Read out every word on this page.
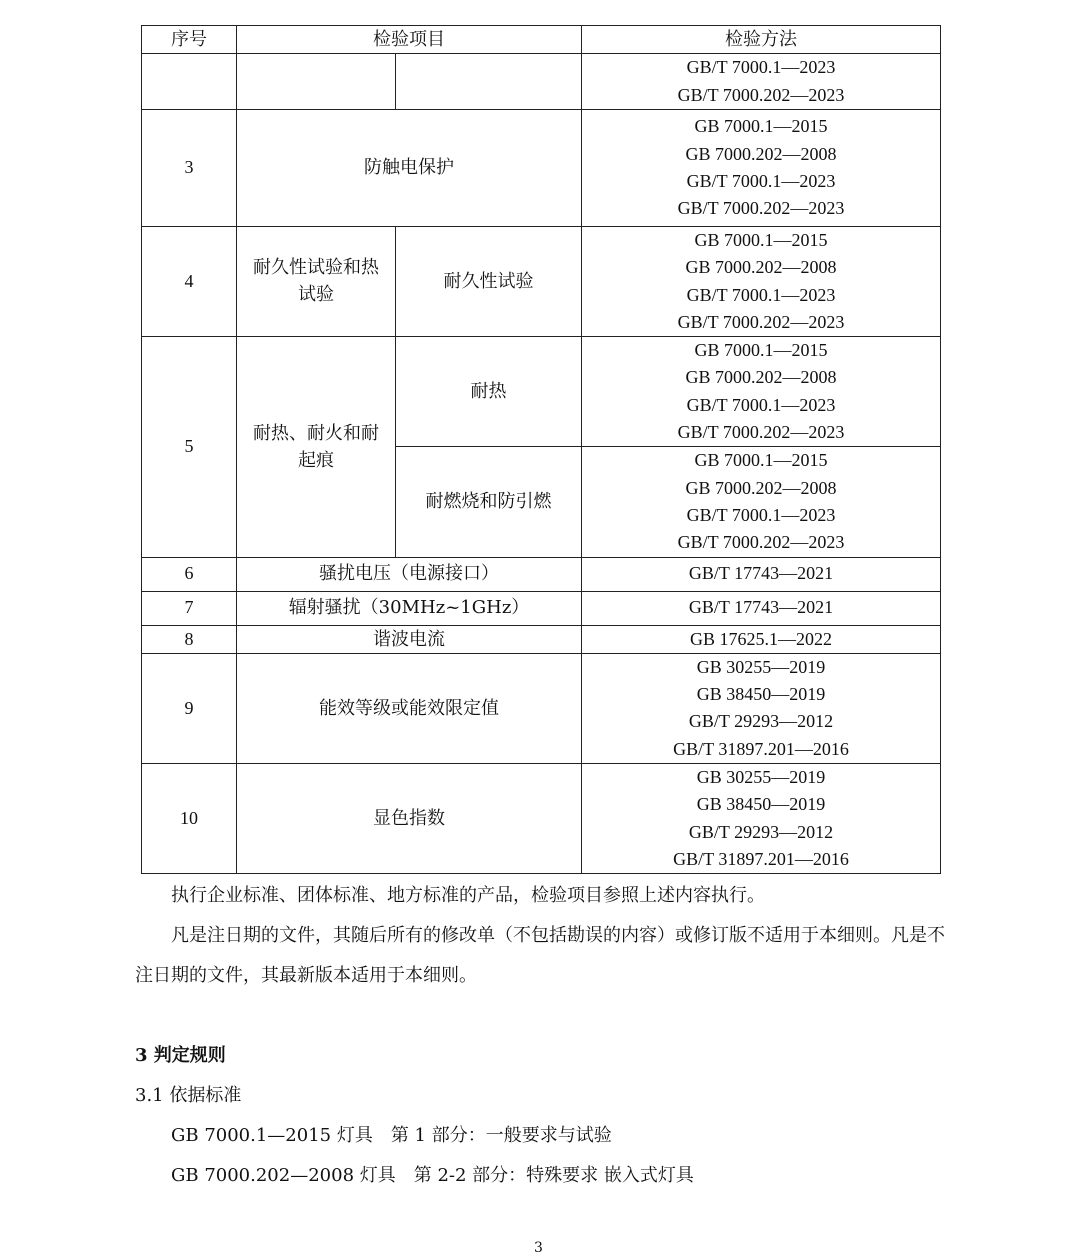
序号	检验项目		检验方法

			GB/T 7000.1—2023
GB/T 7000.202—2023

3	防触电保护		GB 7000.1—2015
GB 7000.202—2008
GB/T 7000.1—2023
GB/T 7000.202—2023

4	耐久性试验和热试验	耐久性试验	GB 7000.1—2015
GB 7000.202—2008
GB/T 7000.1—2023
GB/T 7000.202—2023

5	耐热、耐火和耐起痕	耐热	GB 7000.1—2015
GB 7000.202—2008
GB/T 7000.1—2023
GB/T 7000.202—2023

		耐燃烧和防引燃	GB 7000.1—2015
GB 7000.202—2008
GB/T 7000.1—2023
GB/T 7000.202—2023

6	骚扰电压（电源接口）		GB/T 17743—2021
7	辐射骚扰（30MHz~1GHz）		GB/T 17743—2021
8	谐波电流		GB 17625.1—2022
9	能效等级或能效限定值		GB 30255—2019
GB 38450—2019
GB/T 29293—2012
GB/T 31897.201—2016

10	显色指数		GB 30255—2019
GB 38450—2019
GB/T 29293—2012
GB/T 31897.201—2016

执行企业标准、团体标准、地方标准的产品，检验项目参照上述内容执行。

凡是注日期的文件，其随后所有的修改单（不包括勘误的内容）或修订版不适用于本细则。凡是不注日期的文件，其最新版本适用于本细则。

3 判定规则

3.1 依据标准

GB 7000.1—2015 灯具　第 1 部分：一般要求与试验

GB 7000.202—2008 灯具　第 2-2 部分：特殊要求 嵌入式灯具

3
